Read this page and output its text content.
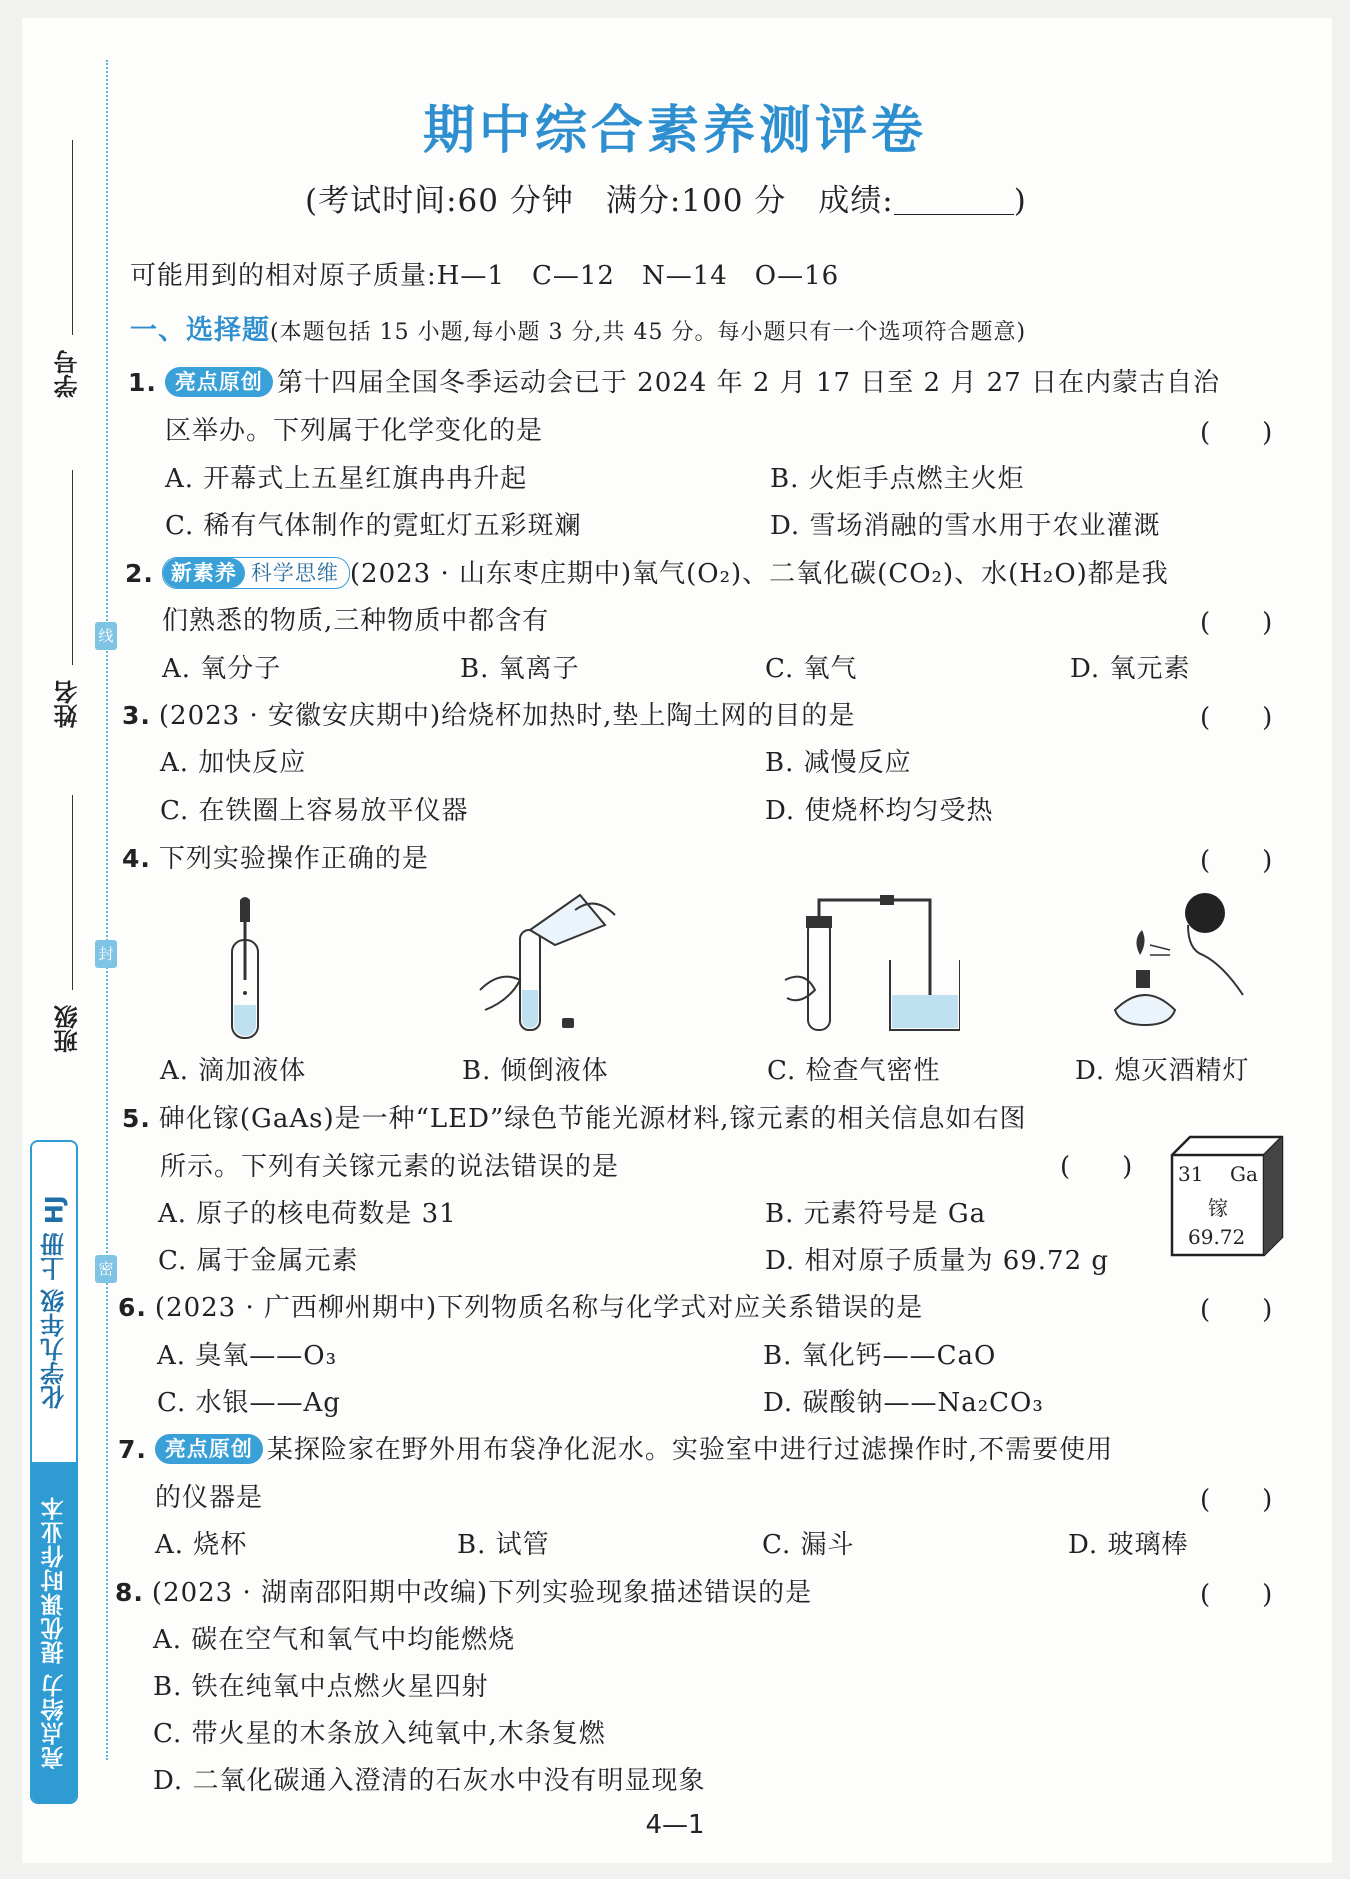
线
封
密
学号
姓名
班级
化学九年级 上册 HJ
亮点给力 提优课时作业本
期中综合素养测评卷
(考试时间:60 分钟　满分:100 分　成绩:	)
可能用到的相对原子质量:H—1　C—12　N—14　O—16
一、选择题(本题包括 15 小题,每小题 3 分,共 45 分。每小题只有一个选项符合题意)
1. 亮点原创 第十四届全国冬季运动会已于 2024 年 2 月 17 日至 2 月 27 日在内蒙古自治
区举办。下列属于化学变化的是	(　　)
A. 开幕式上五星红旗冉冉升起	B. 火炬手点燃主火炬
C. 稀有气体制作的霓虹灯五彩斑斓	D. 雪场消融的雪水用于农业灌溉
2. 新素养 科学思维 (2023 · 山东枣庄期中)氧气(O₂)、二氧化碳(CO₂)、水(H₂O)都是我
们熟悉的物质,三种物质中都含有	(　　)
A. 氧分子	B. 氧离子	C. 氧气	D. 氧元素
3. (2023 · 安徽安庆期中)给烧杯加热时,垫上陶土网的目的是	(　　)
A. 加快反应	B. 减慢反应
C. 在铁圈上容易放平仪器	D. 使烧杯均匀受热
4. 下列实验操作正确的是	(　　)
A. 滴加液体	B. 倾倒液体	C. 检查气密性	D. 熄灭酒精灯
5. 砷化镓(GaAs)是一种“LED”绿色节能光源材料,镓元素的相关信息如右图
所示。下列有关镓元素的说法错误的是	(　　)
A. 原子的核电荷数是 31	B. 元素符号是 Ga
C. 属于金属元素	D. 相对原子质量为 69.72 g
31 Ga
镓
69.72
6. (2023 · 广西柳州期中)下列物质名称与化学式对应关系错误的是	(　　)
A. 臭氧——O₃	B. 氧化钙——CaO
C. 水银——Ag	D. 碳酸钠——Na₂CO₃
7. 亮点原创 某探险家在野外用布袋净化泥水。实验室中进行过滤操作时,不需要使用
的仪器是	(　　)
A. 烧杯	B. 试管	C. 漏斗	D. 玻璃棒
8. (2023 · 湖南邵阳期中改编)下列实验现象描述错误的是	(　　)
A. 碳在空气和氧气中均能燃烧
B. 铁在纯氧中点燃火星四射
C. 带火星的木条放入纯氧中,木条复燃
D. 二氧化碳通入澄清的石灰水中没有明显现象
4—1
